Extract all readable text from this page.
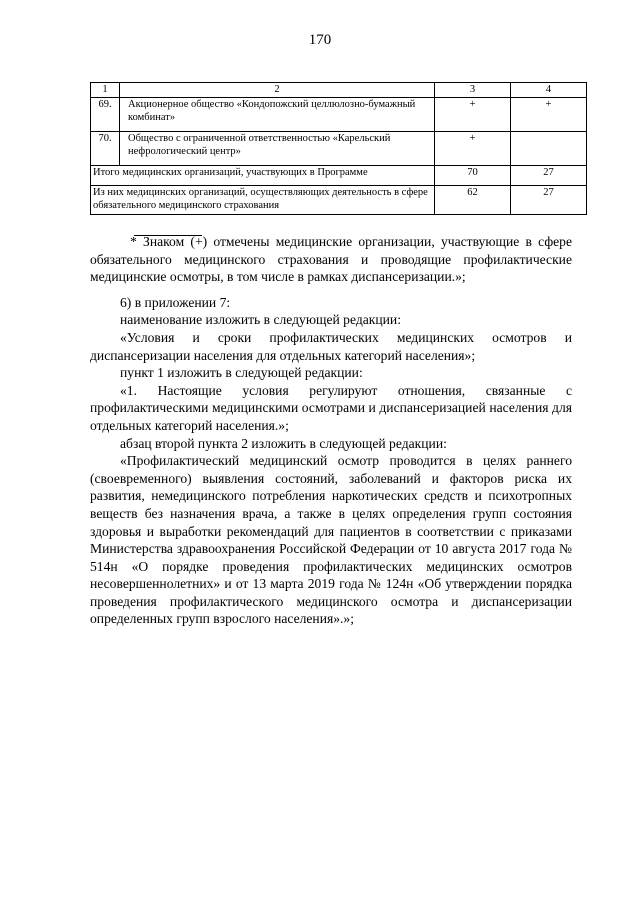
170
1	2	3	4
69.	Акционерное общество «Кондопожский целлюлозно-бумажный комбинат»	+	+
70.	Общество с ограниченной ответственностью «Карельский нефрологический центр»	+	
Итого медицинских организаций, участвующих в Программе		70	27
Из них медицинских организаций, осуществляющих деятельность в сфере обязательного медицинского страхования		62	27

* Знаком (+) отмечены медицинские организации, участвующие в сфере обязательного медицинского страхования и проводящие профилактические медицинские осмотры, в том числе в рамках диспансеризации.»;

6) в приложении 7:

наименование изложить в следующей редакции:

«Условия и сроки профилактических медицинских осмотров и диспансеризации населения для отдельных категорий населения»;

пункт 1 изложить в следующей редакции:

«1. Настоящие условия регулируют отношения, связанные с профилактическими медицинскими осмотрами и диспансеризацией населения для отдельных категорий населения.»;

абзац второй пункта 2 изложить в следующей редакции:

«Профилактический медицинский осмотр проводится в целях раннего (своевременного) выявления состояний, заболеваний и факторов риска их развития, немедицинского потребления наркотических средств и психотропных веществ без назначения врача, а также в целях определения групп состояния здоровья и выработки рекомендаций для пациентов в соответствии с приказами Министерства здравоохранения Российской Федерации от 10 августа 2017 года № 514н «О порядке проведения профилактических медицинских осмотров несовершеннолетних» и от 13 марта 2019 года № 124н «Об утверждении порядка проведения профилактического медицинского осмотра и диспансеризации определенных групп взрослого населения».»;
